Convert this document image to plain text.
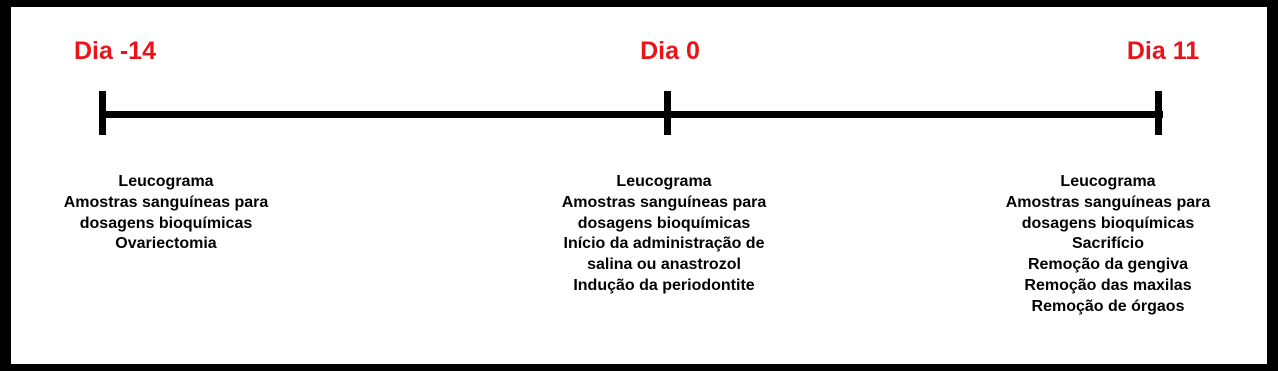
Dia -14	Dia 0	Dia 11
Leucograma
Amostras sanguíneas para
dosagens bioquímicas
Ovariectomia
Leucograma
Amostras sanguíneas para
dosagens bioquímicas
Início da administração de
salina ou anastrozol
Indução da periodontite
Leucograma
Amostras sanguíneas para
dosagens bioquímicas
Sacrifício
Remoção da gengiva
Remoção das maxilas
Remoção de órgaos
